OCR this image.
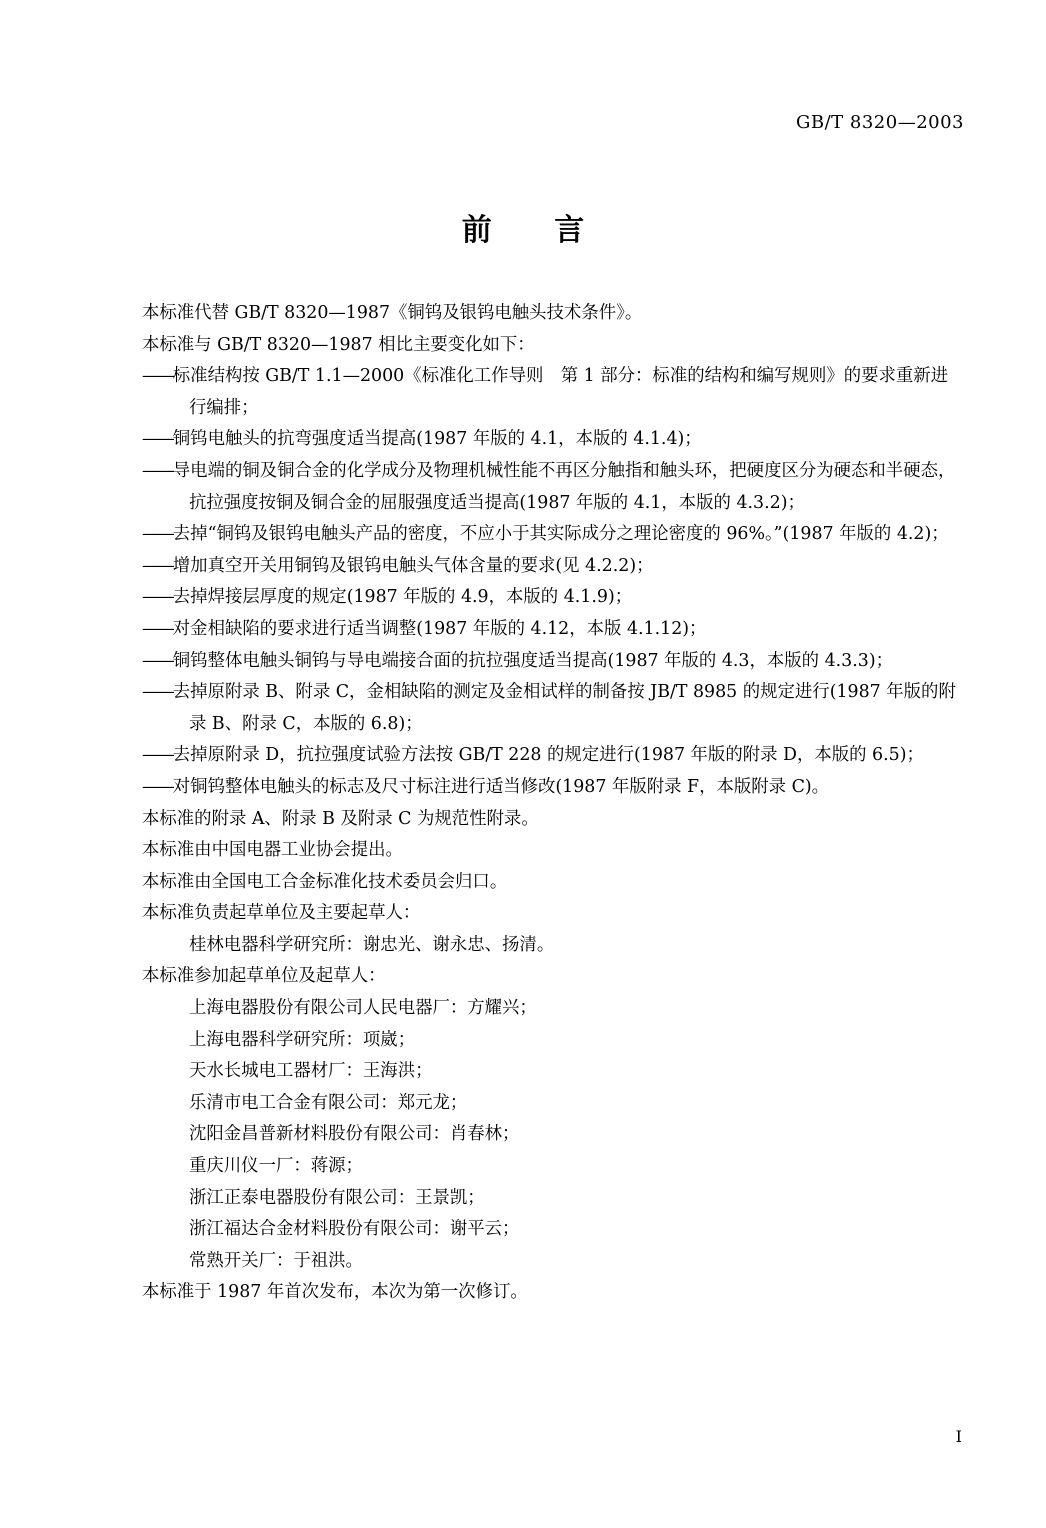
GB/T 8320—2003
前 言

本标准代替 GB/T 8320—1987《铜钨及银钨电触头技术条件》。

本标准与 GB/T 8320—1987 相比主要变化如下：

——标准结构按 GB/T 1.1—2000《标准化工作导则　第 1 部分：标准的结构和编写规则》的要求重新进行编排；

——铜钨电触头的抗弯强度适当提高(1987 年版的 4.1，本版的 4.1.4)；

——导电端的铜及铜合金的化学成分及物理机械性能不再区分触指和触头环，把硬度区分为硬态和半硬态，抗拉强度按铜及铜合金的屈服强度适当提高(1987 年版的 4.1，本版的 4.3.2)；

——去掉“铜钨及银钨电触头产品的密度，不应小于其实际成分之理论密度的 96%。”(1987 年版的 4.2)；

——增加真空开关用铜钨及银钨电触头气体含量的要求(见 4.2.2)；

——去掉焊接层厚度的规定(1987 年版的 4.9，本版的 4.1.9)；

——对金相缺陷的要求进行适当调整(1987 年版的 4.12，本版 4.1.12)；

——铜钨整体电触头铜钨与导电端接合面的抗拉强度适当提高(1987 年版的 4.3，本版的 4.3.3)；

——去掉原附录 B、附录 C，金相缺陷的测定及金相试样的制备按 JB/T 8985 的规定进行(1987 年版的附录 B、附录 C，本版的 6.8)；

——去掉原附录 D，抗拉强度试验方法按 GB/T 228 的规定进行(1987 年版的附录 D，本版的 6.5)；

——对铜钨整体电触头的标志及尺寸标注进行适当修改(1987 年版附录 F，本版附录 C)。

本标准的附录 A、附录 B 及附录 C 为规范性附录。

本标准由中国电器工业协会提出。

本标准由全国电工合金标准化技术委员会归口。

本标准负责起草单位及主要起草人：

桂林电器科学研究所：谢忠光、谢永忠、扬清。

本标准参加起草单位及起草人：

上海电器股份有限公司人民电器厂：方耀兴；

上海电器科学研究所：项崴；

天水长城电工器材厂：王海洪；

乐清市电工合金有限公司：郑元龙；

沈阳金昌普新材料股份有限公司：肖春林；

重庆川仪一厂：蒋源；

浙江正泰电器股份有限公司：王景凯；

浙江福达合金材料股份有限公司：谢平云；

常熟开关厂：于祖洪。

本标准于 1987 年首次发布，本次为第一次修订。

Ⅰ
